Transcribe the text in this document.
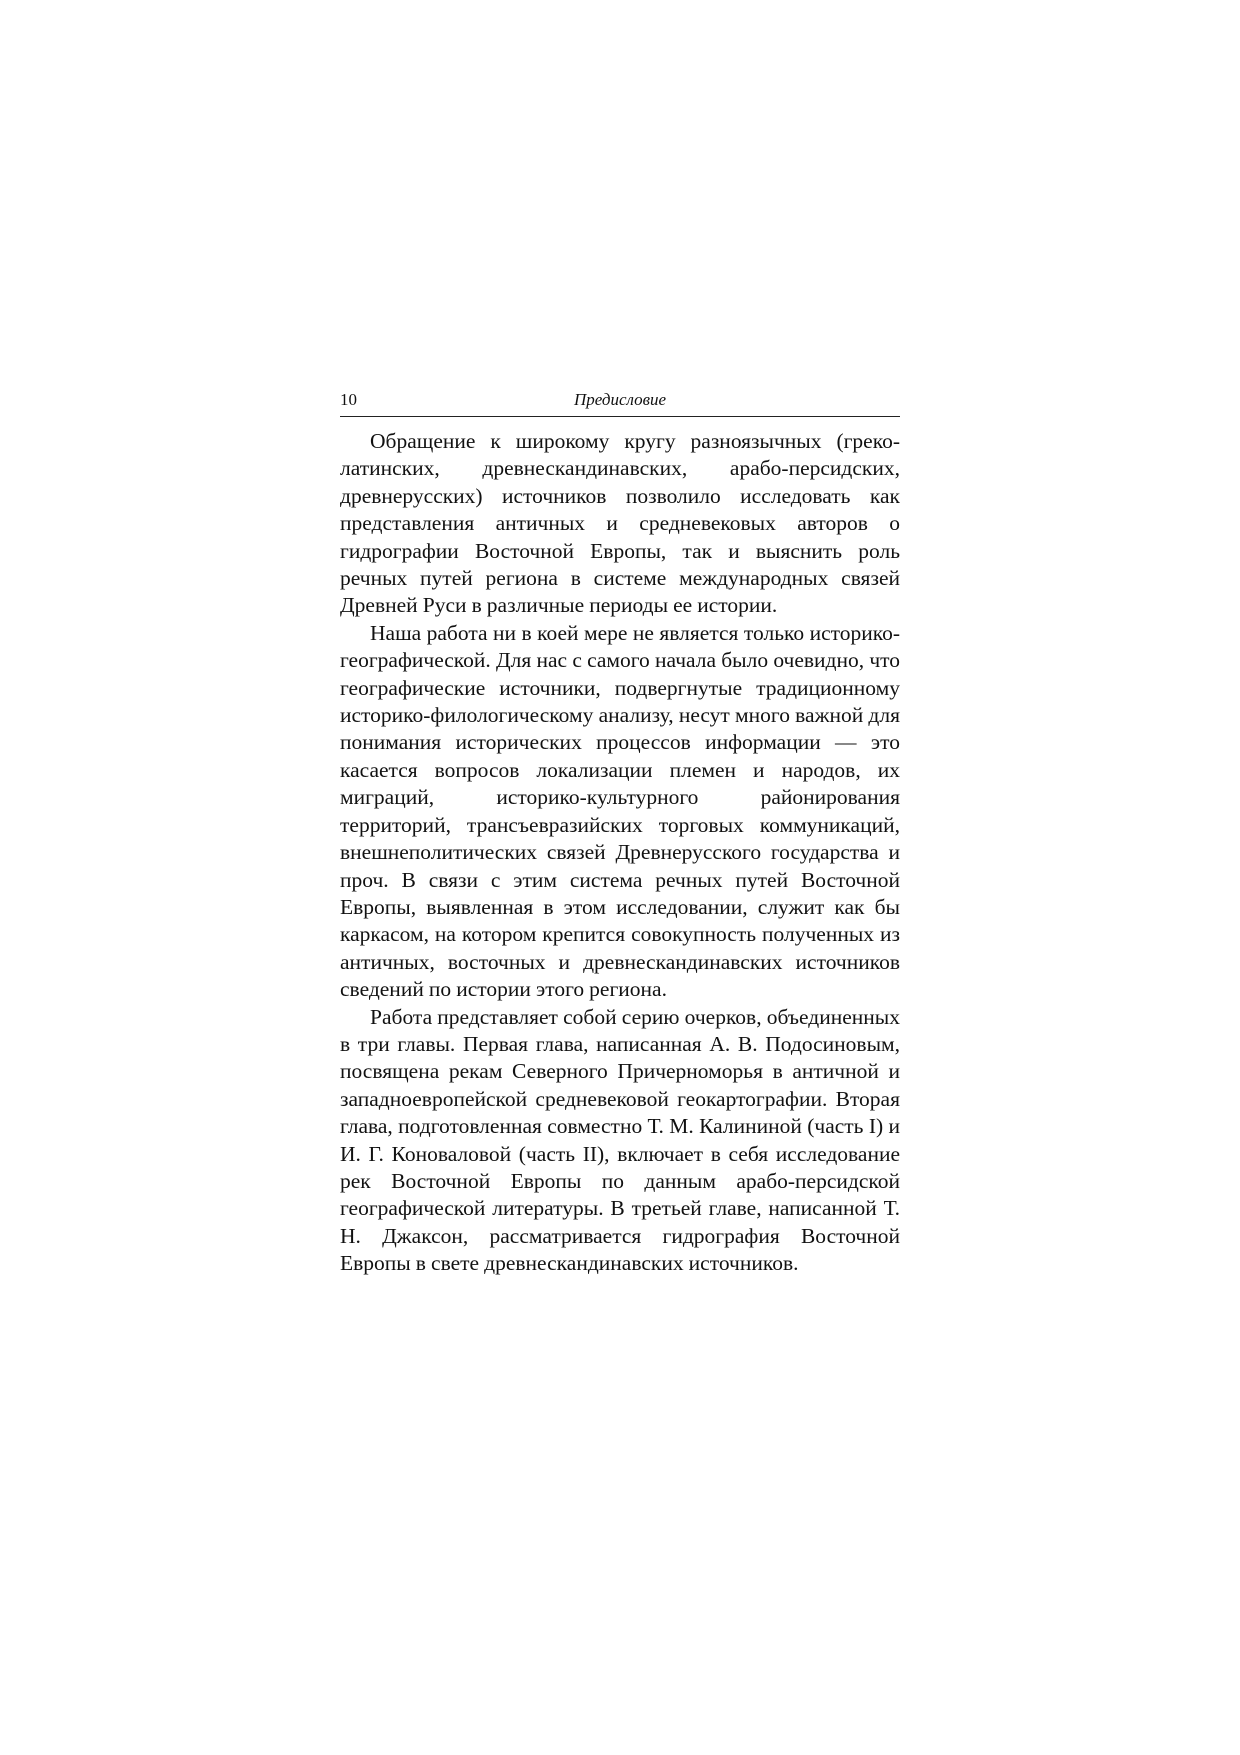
10	Предисловие

Обращение к широкому кругу разноязычных (греко-латинских, древнескандинавских, арабо-персидских, древнерусских) источников позволило исследовать как представления античных и средневековых авторов о гидрографии Восточной Европы, так и выяснить роль речных путей региона в системе международных связей Древней Руси в различные периоды ее истории.

Наша работа ни в коей мере не является только историко-географической. Для нас с самого начала было очевидно, что географические источники, подвергнутые традиционному историко-филологическому анализу, несут много важной для понимания исторических процессов информации — это касается вопросов локализации племен и народов, их миграций, историко-культурного районирования территорий, трансъевразийских торговых коммуникаций, внешнеполитических связей Древнерусского государства и проч. В связи с этим система речных путей Восточной Европы, выявленная в этом исследовании, служит как бы каркасом, на котором крепится совокупность полученных из античных, восточных и древнескандинавских источников сведений по истории этого региона.

Работа представляет собой серию очерков, объединенных в три главы. Первая глава, написанная А. В. Подосиновым, посвящена рекам Северного Причерноморья в античной и западноевропейской средневековой геокартографии. Вторая глава, подготовленная совместно Т. М. Калининой (часть I) и И. Г. Коноваловой (часть II), включает в себя исследование рек Восточной Европы по данным арабо-персидской географической литературы. В третьей главе, написанной Т. Н. Джаксон, рассматривается гидрография Восточной Европы в свете древнескандинавских источников.
